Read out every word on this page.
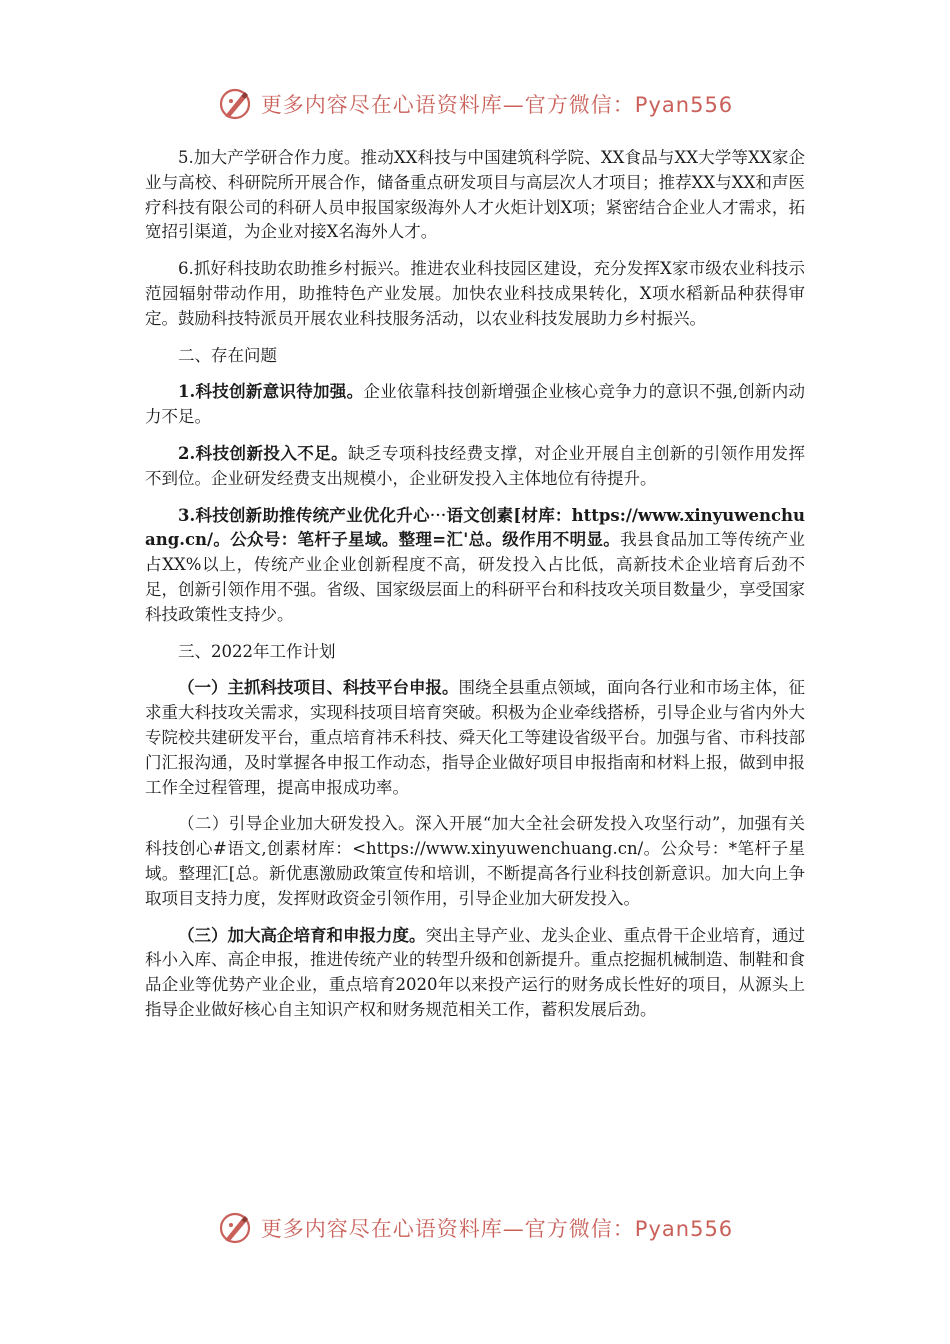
更多内容尽在心语资料库—官方微信：Pyan556

5.加大产学研合作力度。推动XX科技与中国建筑科学院、XX食品与XX大学等XX家企业与高校、科研院所开展合作，储备重点研发项目与高层次人才项目；推荐XX与XX和声医疗科技有限公司的科研人员申报国家级海外人才火炬计划X项；紧密结合企业人才需求，拓宽招引渠道，为企业对接X名海外人才。

6.抓好科技助农助推乡村振兴。推进农业科技园区建设，充分发挥X家市级农业科技示范园辐射带动作用，助推特色产业发展。加快农业科技成果转化，X项水稻新品种获得审定。鼓励科技特派员开展农业科技服务活动，以农业科技发展助力乡村振兴。

二、存在问题

1.科技创新意识待加强。企业依靠科技创新增强企业核心竞争力的意识不强,创新内动力不足。

2.科技创新投入不足。缺乏专项科技经费支撑，对企业开展自主创新的引领作用发挥不到位。企业研发经费支出规模小，企业研发投入主体地位有待提升。

3.科技创新助推传统产业优化升心⋯语文创素[材库：https://www.xinyuwenchuang.cn/。公众号：笔杆子星域。整理=汇'总。级作用不明显。我县食品加工等传统产业占XX%以上，传统产业企业创新程度不高，研发投入占比低，高新技术企业培育后劲不足，创新引领作用不强。省级、国家级层面上的科研平台和科技攻关项目数量少，享受国家科技政策性支持少。

三、2022年工作计划

（一）主抓科技项目、科技平台申报。围绕全县重点领域，面向各行业和市场主体，征求重大科技攻关需求，实现科技项目培育突破。积极为企业牵线搭桥，引导企业与省内外大专院校共建研发平台，重点培育祎禾科技、舜天化工等建设省级平台。加强与省、市科技部门汇报沟通，及时掌握各申报工作动态，指导企业做好项目申报指南和材料上报，做到申报工作全过程管理，提高申报成功率。

（二）引导企业加大研发投入。深入开展“加大全社会研发投入攻坚行动”，加强有关科技创心#语文,创素材库：<https://www.xinyuwenchuang.cn/。公众号：*笔杆子星域。整理汇[总。新优惠激励政策宣传和培训，不断提高各行业科技创新意识。加大向上争取项目支持力度，发挥财政资金引领作用，引导企业加大研发投入。

（三）加大高企培育和申报力度。突出主导产业、龙头企业、重点骨干企业培育，通过科小入库、高企申报，推进传统产业的转型升级和创新提升。重点挖掘机械制造、制鞋和食品企业等优势产业企业，重点培育2020年以来投产运行的财务成长性好的项目，从源头上指导企业做好核心自主知识产权和财务规范相关工作，蓄积发展后劲。

更多内容尽在心语资料库—官方微信：Pyan556
